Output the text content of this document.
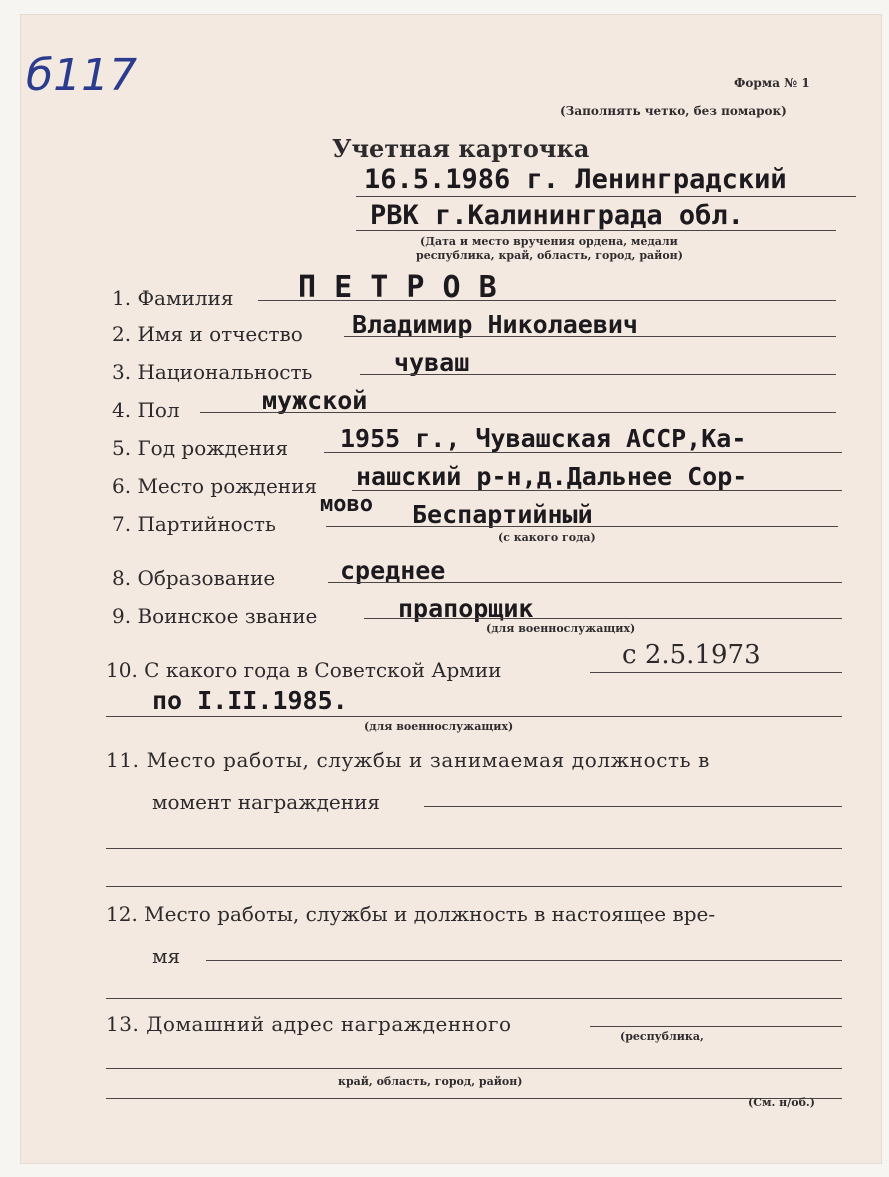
б117	Форма № 1
(Заполнять четко, без помарок)
Учетная карточка
16.5.1986 г. Ленинградский
РВК г.Калининграда обл.
(Дата и место вручения ордена, медали
республика, край, область, город, район)
1. Фамилия П Е Т Р О В
2. Имя и отчество Владимир Николаевич
3. Национальность	чуваш
4. Пол	мужской
5. Год рождения 1955 г., Чувашская АССР,Ка-
6. Место рождения нашский р-н,д.Дальнее Сор-
мово
7. Партийность	Беспартийный
(с какого года)
8. Образование	среднее
9. Воинское звание	прапорщик
(для военнослужащих)
10. С какого года в Советской Армии	с 2.5.1973
по I.II.1985.
(для военнослужащих)
11. Место работы, службы и занимаемая должность в
момент награждения
12. Место работы, службы и должность в настоящее вре-
мя
13. Домашний адрес награжденного
(республика,
край, область, город, район)
(См. н/об.)
